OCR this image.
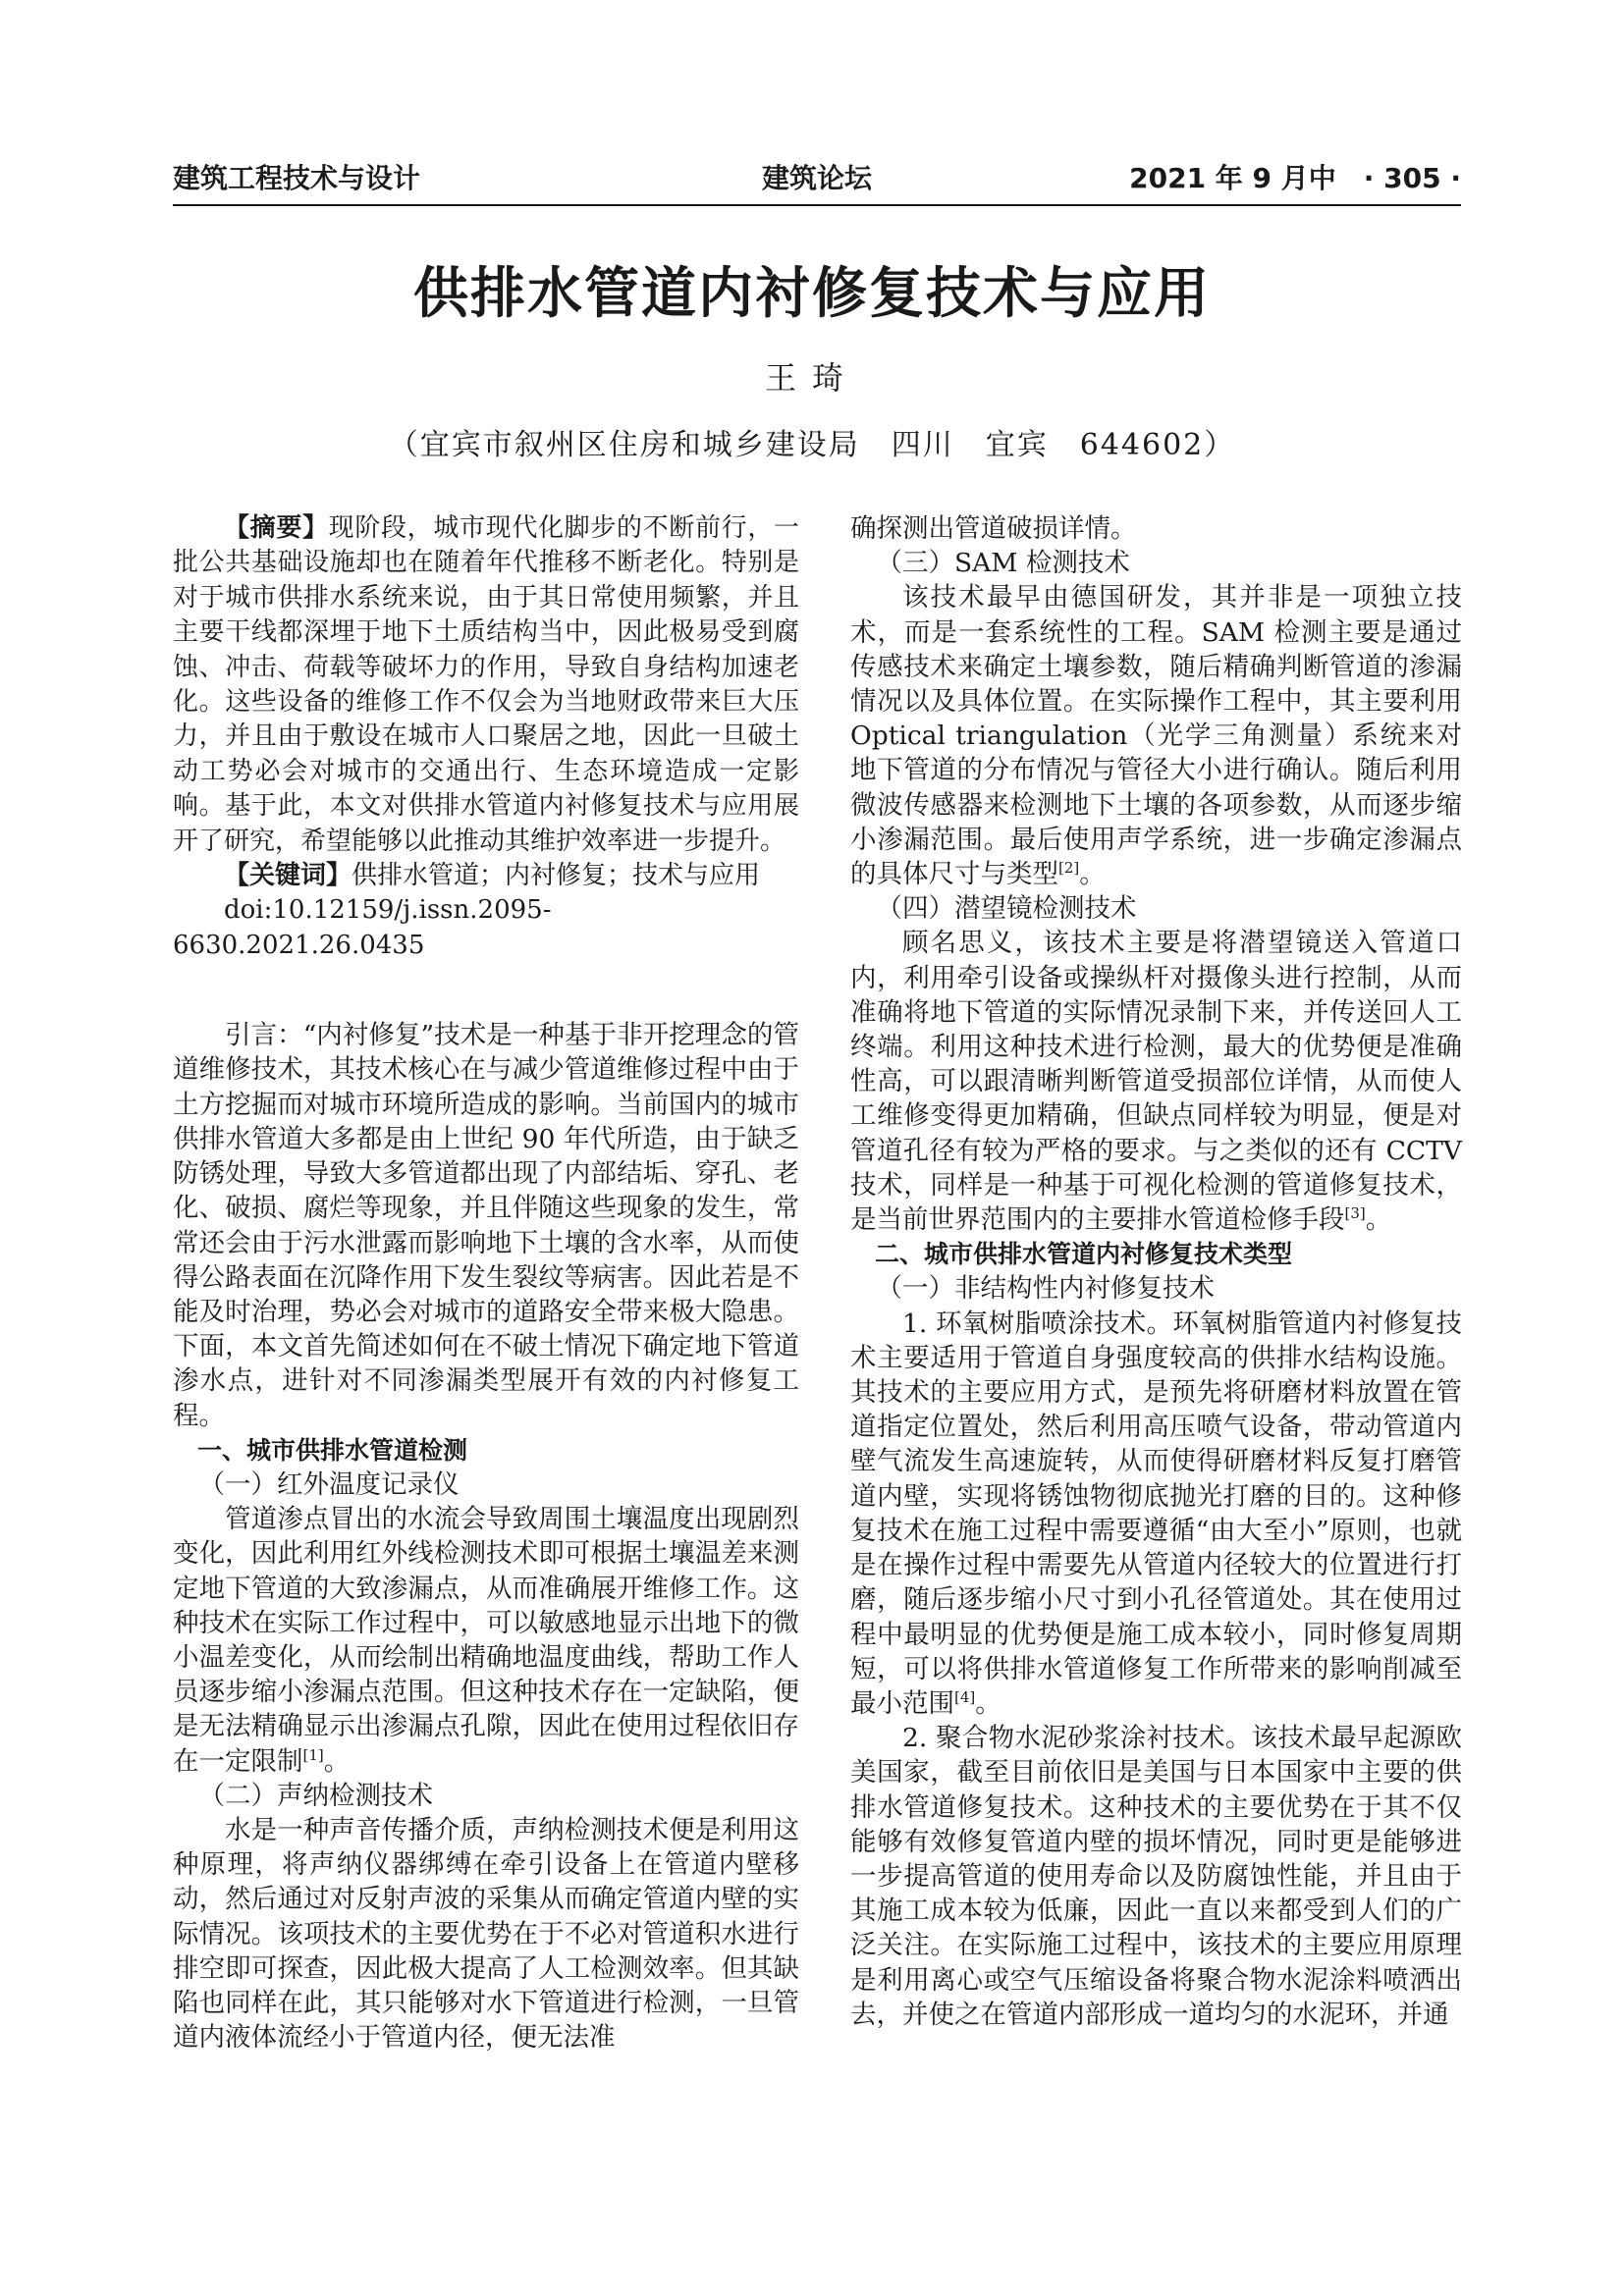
建筑工程技术与设计	建筑论坛	2021 年 9 月中　· 305 ·
供排水管道内衬修复技术与应用
王琦
（宜宾市叙州区住房和城乡建设局　四川　宜宾　644602）

【摘要】现阶段，城市现代化脚步的不断前行，一批公共基础设施却也在随着年代推移不断老化。特别是对于城市供排水系统来说，由于其日常使用频繁，并且主要干线都深埋于地下土质结构当中，因此极易受到腐蚀、冲击、荷载等破坏力的作用，导致自身结构加速老化。这些设备的维修工作不仅会为当地财政带来巨大压力，并且由于敷设在城市人口聚居之地，因此一旦破土动工势必会对城市的交通出行、生态环境造成一定影响。基于此，本文对供排水管道内衬修复技术与应用展开了研究，希望能够以此推动其维护效率进一步提升。

【关键词】供排水管道；内衬修复；技术与应用

doi:10.12159/j.issn.2095-6630.2021.26.0435

引言：“内衬修复”技术是一种基于非开挖理念的管道维修技术，其技术核心在与减少管道维修过程中由于土方挖掘而对城市环境所造成的影响。当前国内的城市供排水管道大多都是由上世纪 90 年代所造，由于缺乏防锈处理，导致大多管道都出现了内部结垢、穿孔、老化、破损、腐烂等现象，并且伴随这些现象的发生，常常还会由于污水泄露而影响地下土壤的含水率，从而使得公路表面在沉降作用下发生裂纹等病害。因此若是不能及时治理，势必会对城市的道路安全带来极大隐患。下面，本文首先简述如何在不破土情况下确定地下管道渗水点，进针对不同渗漏类型展开有效的内衬修复工程。

一、城市供排水管道检测
（一）红外温度记录仪

管道渗点冒出的水流会导致周围土壤温度出现剧烈变化，因此利用红外线检测技术即可根据土壤温差来测定地下管道的大致渗漏点，从而准确展开维修工作。这种技术在实际工作过程中，可以敏感地显示出地下的微小温差变化，从而绘制出精确地温度曲线，帮助工作人员逐步缩小渗漏点范围。但这种技术存在一定缺陷，便是无法精确显示出渗漏点孔隙，因此在使用过程依旧存在一定限制[1]。

（二）声纳检测技术

水是一种声音传播介质，声纳检测技术便是利用这种原理，将声纳仪器绑缚在牵引设备上在管道内壁移动，然后通过对反射声波的采集从而确定管道内壁的实际情况。该项技术的主要优势在于不必对管道积水进行排空即可探查，因此极大提高了人工检测效率。但其缺陷也同样在此，其只能够对水下管道进行检测，一旦管道内液体流经小于管道内径，便无法准

确探测出管道破损详情。

（三）SAM 检测技术

该技术最早由德国研发，其并非是一项独立技术，而是一套系统性的工程。SAM 检测主要是通过传感技术来确定土壤参数，随后精确判断管道的渗漏情况以及具体位置。在实际操作工程中，其主要利用 Optical triangulation（光学三角测量）系统来对地下管道的分布情况与管径大小进行确认。随后利用微波传感器来检测地下土壤的各项参数，从而逐步缩小渗漏范围。最后使用声学系统，进一步确定渗漏点的具体尺寸与类型[2]。

（四）潜望镜检测技术

顾名思义，该技术主要是将潜望镜送入管道口内，利用牵引设备或操纵杆对摄像头进行控制，从而准确将地下管道的实际情况录制下来，并传送回人工终端。利用这种技术进行检测，最大的优势便是准确性高，可以跟清晰判断管道受损部位详情，从而使人工维修变得更加精确，但缺点同样较为明显，便是对管道孔径有较为严格的要求。与之类似的还有 CCTV 技术，同样是一种基于可视化检测的管道修复技术，是当前世界范围内的主要排水管道检修手段[3]。

二、城市供排水管道内衬修复技术类型
（一）非结构性内衬修复技术

1. 环氧树脂喷涂技术。环氧树脂管道内衬修复技术主要适用于管道自身强度较高的供排水结构设施。其技术的主要应用方式，是预先将研磨材料放置在管道指定位置处，然后利用高压喷气设备，带动管道内壁气流发生高速旋转，从而使得研磨材料反复打磨管道内壁，实现将锈蚀物彻底抛光打磨的目的。这种修复技术在施工过程中需要遵循“由大至小”原则，也就是在操作过程中需要先从管道内径较大的位置进行打磨，随后逐步缩小尺寸到小孔径管道处。其在使用过程中最明显的优势便是施工成本较小，同时修复周期短，可以将供排水管道修复工作所带来的影响削减至最小范围[4]。

2. 聚合物水泥砂浆涂衬技术。该技术最早起源欧美国家，截至目前依旧是美国与日本国家中主要的供排水管道修复技术。这种技术的主要优势在于其不仅能够有效修复管道内壁的损坏情况，同时更是能够进一步提高管道的使用寿命以及防腐蚀性能，并且由于其施工成本较为低廉，因此一直以来都受到人们的广泛关注。在实际施工过程中，该技术的主要应用原理是利用离心或空气压缩设备将聚合物水泥涂料喷洒出去，并使之在管道内部形成一道均匀的水泥环，并通
